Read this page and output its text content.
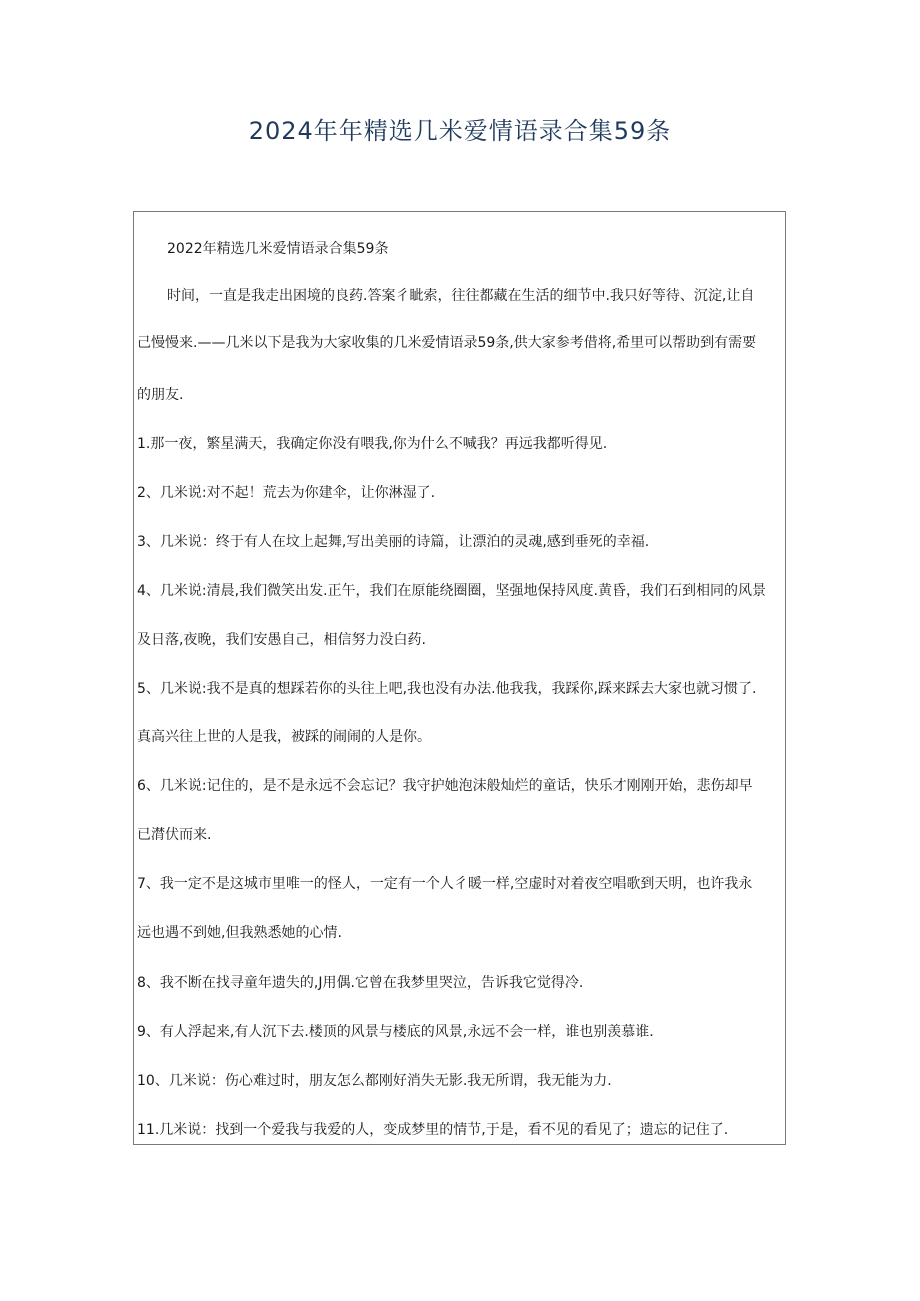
2024年年精选几米爱情语录合集59条
2022年精选几米爱情语录合集59条
时间，一直是我走出困境的良药.答案彳眦索，往往都藏在生活的细节中.我只好等待、沉淀,让自
己慢慢来.——几米以下是我为大家收集的几米爱情语录59条,供大家参考借将,希里可以帮助到有需要
的朋友.
1.那一夜，繁星满天，我确定你没有喂我,你为什么不喊我？再远我都听得见.
2、几米说:对不起！荒去为你建伞，让你淋湿了.
3、几米说：终于有人在坟上起舞,写出美丽的诗篇，让漂泊的灵魂,感到垂死的幸福.
4、几米说:清晨,我们微笑出发.正午，我们在原能绕圈圈，坚强地保持风度.黄昏，我们石到相同的风景
及日落,夜晚，我们安愚自己，相信努力没白药.
5、几米说:我不是真的想踩若你的头往上吧,我也没有办法.他我我，我踩你,踩来踩去大家也就习惯了.
真高兴往上世的人是我，被踩的闹闹的人是你。
6、几米说:记住的，是不是永远不会忘记？我守护她泡沫般灿烂的童话，快乐才刚刚开始，悲伤却早
已潸伏而来.
7、我一定不是这城市里唯一的怪人，一定有一个人彳暖一样,空虚时对着夜空唱歌到天明，也许我永
远也遇不到她,但我熟悉她的心情.
8、我不断在找寻童年遗失的,J用偶.它曾在我梦里哭泣，告诉我它觉得冷.
9、有人浮起来,有人沉下去.楼顶的风景与楼底的风景,永远不会一样，谁也别羡慕谁.
10、几米说：伤心难过时，朋友怎么都刚好消失无影.我无所谓，我无能为力.
11.几米说：找到一个爱我与我爱的人，变成梦里的情节,于是，看不见的看见了；遗忘的记住了.
